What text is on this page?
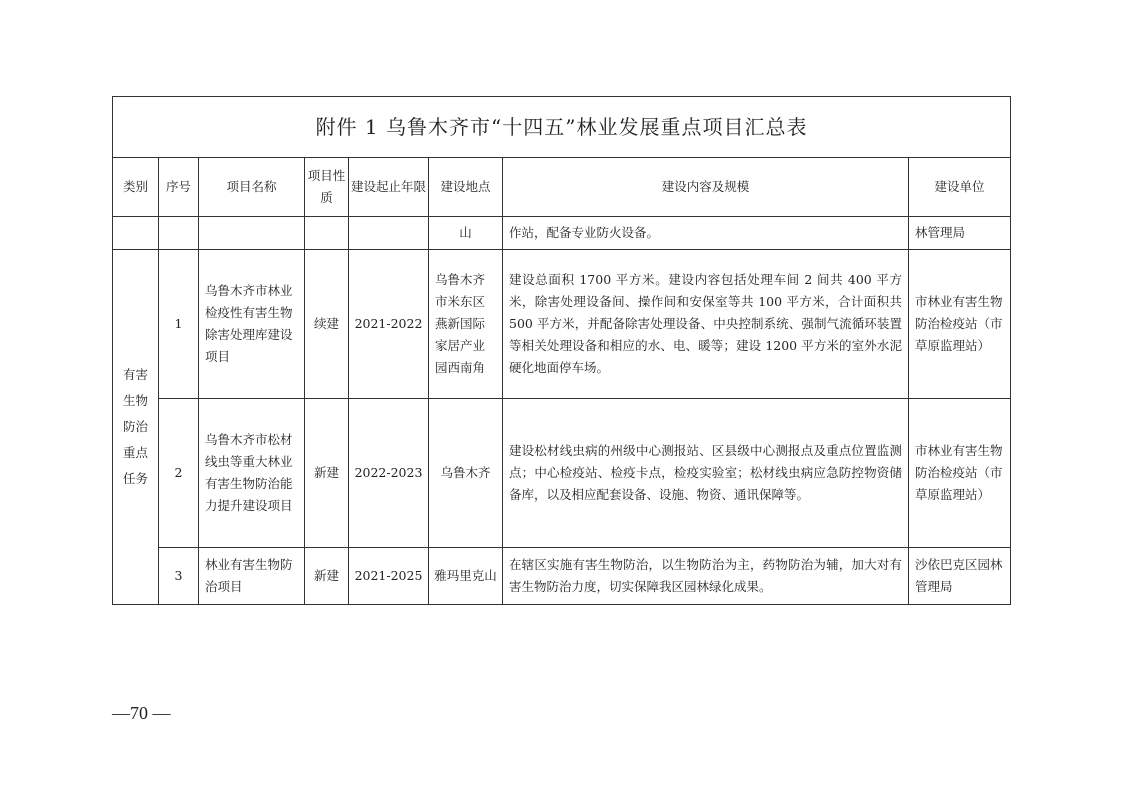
附件 1 乌鲁木齐市“十四五”林业发展重点项目汇总表							
类别	序号	项目名称	项目性质	建设起止年限	建设地点	建设内容及规模	建设单位
					山	作站，配备专业防火设备。	林管理局

有害生物防治重点任务	1	乌鲁木齐市林业检疫性有害生物除害处理库建设项目	续建	2021-2022	乌鲁木齐市米东区燕新国际家居产业园西南角	建设总面积 1700 平方米。建设内容包括处理车间 2 间共 400 平方米，除害处理设备间、操作间和安保室等共 100 平方米，合计面积共 500 平方米，并配备除害处理设备、中央控制系统、强制气流循环装置等相关处理设备和相应的水、电、暖等；建设 1200 平方米的室外水泥硬化地面停车场。	市林业有害生物防治检疫站（市草原监理站）
	2	乌鲁木齐市松材线虫等重大林业有害生物防治能力提升建设项目	新建	2022-2023	乌鲁木齐	建设松材线虫病的州级中心测报站、区县级中心测报点及重点位置监测点；中心检疫站、检疫卡点，检疫实验室；松材线虫病应急防控物资储备库，以及相应配套设备、设施、物资、通讯保障等。	市林业有害生物防治检疫站（市草原监理站）
	3	林业有害生物防治项目	新建	2021-2025	雅玛里克山	在辖区实施有害生物防治，以生物防治为主，药物防治为辅，加大对有害生物防治力度，切实保障我区园林绿化成果。	沙依巴克区园林管理局
—70 —
